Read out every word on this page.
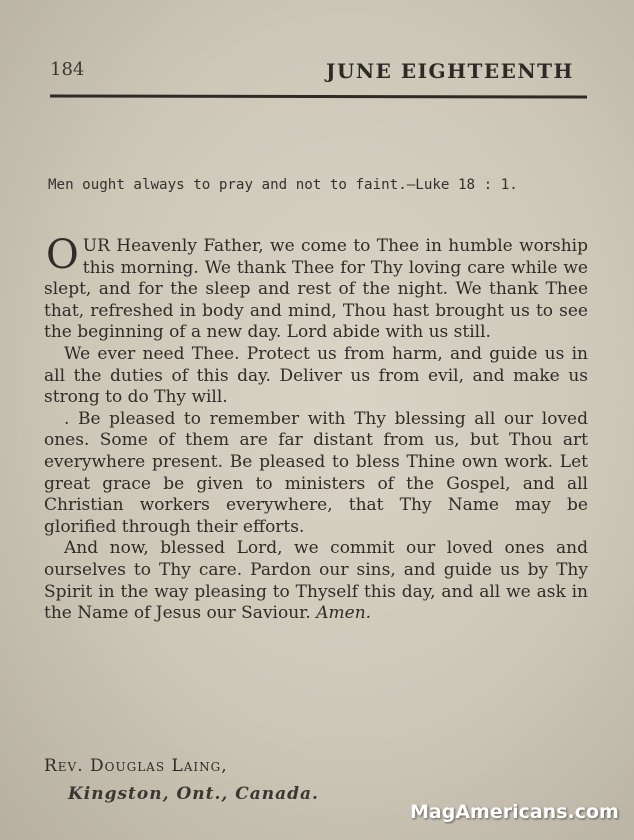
184	JUNE EIGHTEENTH
Men ought always to pray and not to faint.—Luke 18 : 1.

OUR Heavenly Father, we come to Thee in humble worship this morning. We thank Thee for Thy loving care while we slept, and for the sleep and rest of the night. We thank Thee that, refreshed in body and mind, Thou hast brought us to see the beginning of a new day. Lord abide with us still.

We ever need Thee. Protect us from harm, and guide us in all the duties of this day. Deliver us from evil, and make us strong to do Thy will.

. Be pleased to remember with Thy blessing all our loved ones. Some of them are far distant from us, but Thou art everywhere present. Be pleased to bless Thine own work. Let great grace be given to ministers of the Gospel, and all Christian workers everywhere, that Thy Name may be glorified through their efforts.

And now, blessed Lord, we commit our loved ones and ourselves to Thy care. Pardon our sins, and guide us by Thy Spirit in the way pleasing to Thyself this day, and all we ask in the Name of Jesus our Saviour. Amen.

Rev. Douglas Laing,
Kingston, Ont., Canada.
MagAmericans.com
